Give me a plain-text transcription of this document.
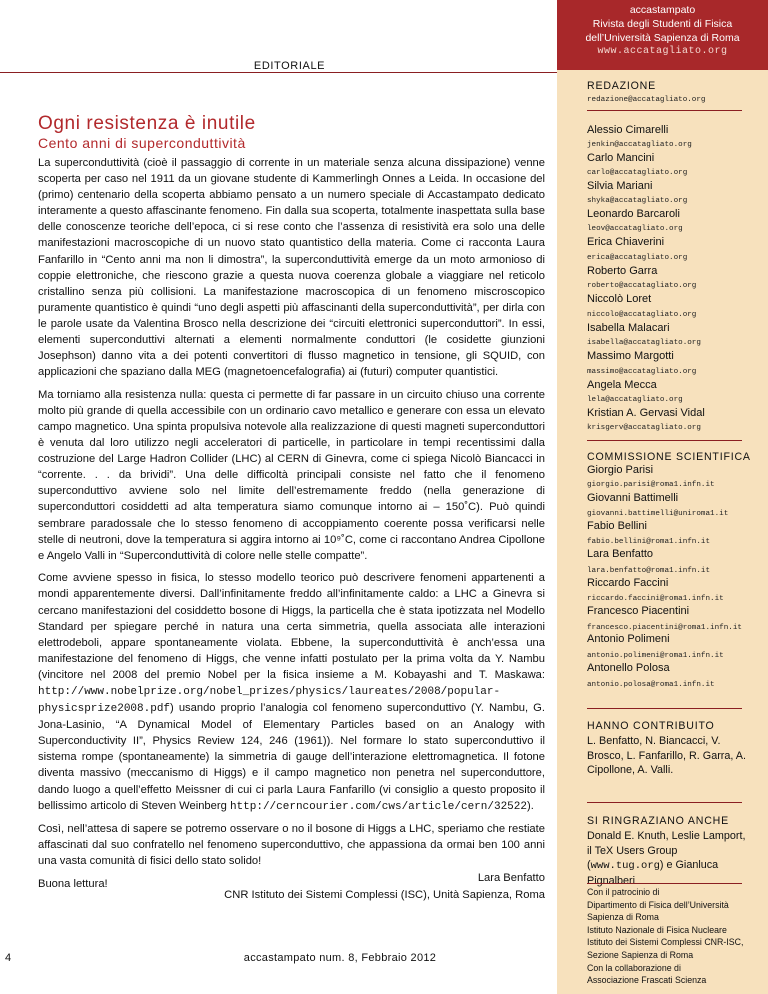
accastampato
Rivista degli Studenti di Fisica
dell’Università Sapienza di Roma
www.accatagliato.org
EDITORIALE
Ogni resistenza è inutile
Cento anni di superconduttività

La superconduttività (cioè il passaggio di corrente in un materiale senza alcuna dissipazione) venne scoperta per caso nel 1911 da un giovane studente di Kammerlingh Onnes a Leida. In occasione del (primo) centenario della scoperta abbiamo pensato a un numero speciale di Accastampato dedicato interamente a questo affascinante fenomeno. Fin dalla sua scoperta, totalmente inaspettata sulla base delle conoscenze teoriche dell’epoca, ci si rese conto che l’assenza di resistività era solo una delle manifestazioni macroscopiche di un nuovo stato quantistico della materia. Come ci racconta Laura Fanfarillo in “Cento anni ma non li dimostra”, la superconduttività emerge da un moto armonioso di coppie elettroniche, che riescono grazie a questa nuova coerenza globale a viaggiare nel reticolo cristallino senza più collisioni. La manifestazione macroscopica di un fenomeno miscroscopico puramente quantistico è quindi “uno degli aspetti più affascinanti della superconduttività”, per dirla con le parole usate da Valentina Brosco nella descrizione dei “circuiti elettronici superconduttori”. In essi, elementi superconduttivi alternati a elementi normalmente conduttori (le cosidette giunzioni Josephson) danno vita a dei potenti convertitori di flusso magnetico in tensione, gli SQUID, con applicazioni che spaziano dalla MEG (magnetoencefalografia) ai (futuri) computer quantistici.

Ma torniamo alla resistenza nulla: questa ci permette di far passare in un circuito chiuso una corrente molto più grande di quella accessibile con un ordinario cavo metallico e generare con essa un elevato campo magnetico. Una spinta propulsiva notevole alla realizzazione di questi magneti superconduttori è venuta dal loro utilizzo negli acceleratori di particelle, in particolare in tempi recentissimi dalla costruzione del Large Hadron Collider (LHC) al CERN di Ginevra, come ci spiega Nicolò Biancacci in “corrente. . . da brividi”. Una delle difficoltà principali consiste nel fatto che il fenomeno superconduttivo avviene solo nel limite dell’estremamente freddo (nella generazione di superconduttori cosiddetti ad alta temperatura siamo comunque intorno ai – 150˚C). Può quindi sembrare paradossale che lo stesso fenomeno di accoppiamento coerente possa verificarsi nelle stelle di neutroni, dove la temperatura si aggira intorno ai 10⁹˚C, come ci raccontano Andrea Cipollone e Angelo Valli in “Superconduttività di colore nelle stelle compatte”.

Come avviene spesso in fisica, lo stesso modello teorico può descrivere fenomeni appartenenti a mondi apparentemente diversi. Dall’infinitamente freddo all’infinitamente caldo: a LHC a Ginevra si cercano manifestazioni del cosiddetto bosone di Higgs, la particella che è stata ipotizzata nel Modello Standard per spiegare perché in natura una certa simmetria, quella associata alle interazioni elettrodeboli, appare spontaneamente violata. Ebbene, la superconduttività è anch’essa una manifestazione del fenomeno di Higgs, che venne infatti postulato per la prima volta da Y. Nambu (vincitore nel 2008 del premio Nobel per la fisica insieme a M. Kobayashi and T. Maskawa: http://www.nobelprize.org/nobel_prizes/physics/laureates/2008/popular-physicsprize2008.pdf) usando proprio l’analogia col fenomeno superconduttivo (Y. Nambu, G. Jona-Lasinio, “A Dynamical Model of Elementary Particles based on an Analogy with Superconductivity II”, Physics Review 124, 246 (1961)). Nel formare lo stato superconduttivo il sistema rompe (spontaneamente) la simmetria di gauge dell’interazione elettromagnetica. Il fotone diventa massivo (meccanismo di Higgs) e il campo magnetico non penetra nel superconduttore, dando luogo a quell’effetto Meissner di cui ci parla Laura Fanfarillo (vi consiglio a questo proposito il bellissimo articolo di Steven Weinberg http://cerncourier.com/cws/article/cern/32522).

Così, nell’attesa di sapere se potremo osservare o no il bosone di Higgs a LHC, speriamo che restiate affascinati dal suo confratello nel fenomeno superconduttivo, che appassiona da ormai ben 100 anni una vasta comunità di fisici dello stato solido!

Buona lettura!

Lara Benfatto
CNR Istituto dei Sistemi Complessi (ISC), Unità Sapienza, Roma
4	accastampato num. 8, Febbraio 2012
REDAZIONE
redazione@accatagliato.org
Alessio Cimarelli
jenkin@accatagliato.org
Carlo Mancini
carlo@accatagliato.org
Silvia Mariani
shyka@accatagliato.org
Leonardo Barcaroli
leov@accatagliato.org
Erica Chiaverini
erica@accatagliato.org
Roberto Garra
roberto@accatagliato.org
Niccolò Loret
niccolo@accatagliato.org
Isabella Malacari
isabella@accatagliato.org
Massimo Margotti
massimo@accatagliato.org
Angela Mecca
lela@accatagliato.org
Kristian A. Gervasi Vidal
krisgerv@accatagliato.org
COMMISSIONE SCIENTIFICA
Giorgio Parisi
giorgio.parisi@roma1.infn.it
Giovanni Battimelli
giovanni.battimelli@uniroma1.it
Fabio Bellini
fabio.bellini@roma1.infn.it
Lara Benfatto
lara.benfatto@roma1.infn.it
Riccardo Faccini
riccardo.faccini@roma1.infn.it
Francesco Piacentini
francesco.piacentini@roma1.infn.it
Antonio Polimeni
antonio.polimeni@roma1.infn.it
Antonello Polosa
antonio.polosa@roma1.infn.it
HANNO CONTRIBUITO
L. Benfatto, N. Biancacci, V. Brosco, L. Fanfarillo, R. Garra, A. Cipollone, A. Valli.
SI RINGRAZIANO ANCHE
Donald E. Knuth, Leslie Lamport, il TeX Users Group (www.tug.org) e Gianluca Pignalberi
Con il patrocinio di
Dipartimento di Fisica dell’Università Sapienza di Roma
Istituto Nazionale di Fisica Nucleare
Istituto dei Sistemi Complessi CNR-ISC, Sezione Sapienza di Roma
Con la collaborazione di
Associazione Frascati Scienza
